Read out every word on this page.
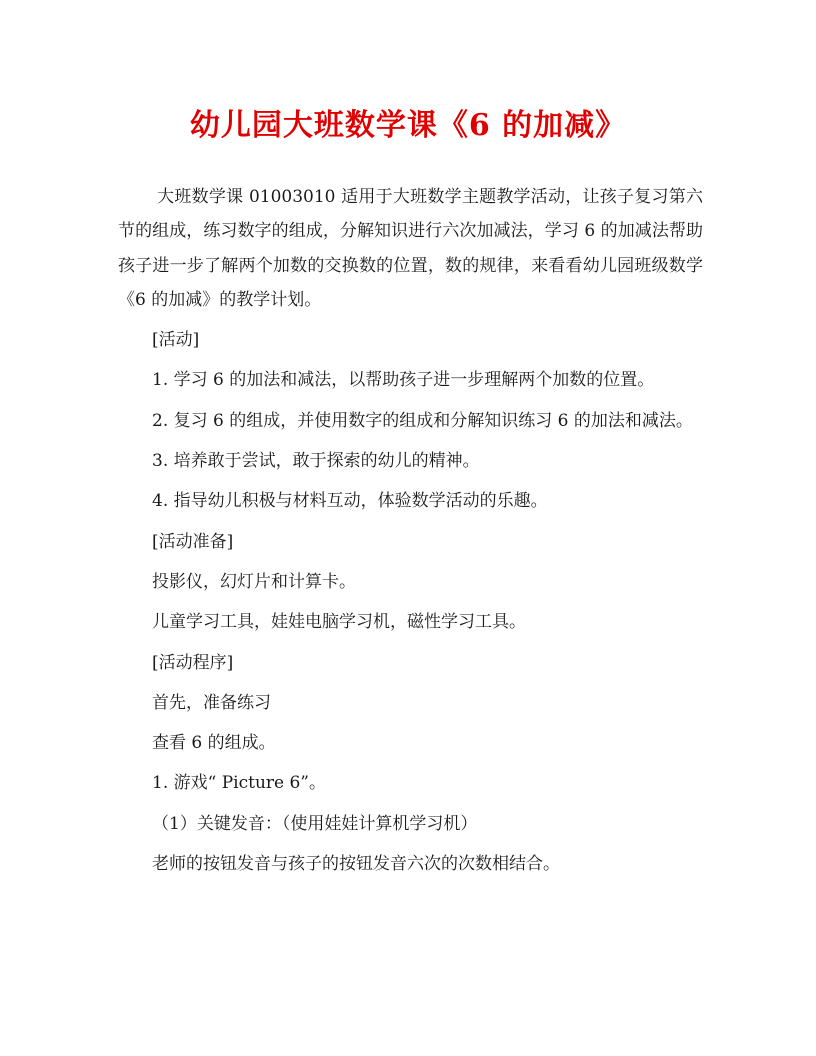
幼儿园大班数学课《6 的加减》

大班数学课 01003010 适用于大班数学主题教学活动，让孩子复习第六节的组成，练习数字的组成，分解知识进行六次加减法，学习 6 的加减法帮助孩子进一步了解两个加数的交换数的位置，数的规律，来看看幼儿园班级数学《6 的加减》的教学计划。

[活动]

1. 学习 6 的加法和减法，以帮助孩子进一步理解两个加数的位置。

2. 复习 6 的组成，并使用数字的组成和分解知识练习 6 的加法和减法。

3. 培养敢于尝试，敢于探索的幼儿的精神。

4. 指导幼儿积极与材料互动，体验数学活动的乐趣。

[活动准备]

投影仪，幻灯片和计算卡。

儿童学习工具，娃娃电脑学习机，磁性学习工具。

[活动程序]

首先，准备练习

查看 6 的组成。

1. 游戏“ Picture 6”。

（1）关键发音：（使用娃娃计算机学习机）

老师的按钮发音与孩子的按钮发音六次的次数相结合。
